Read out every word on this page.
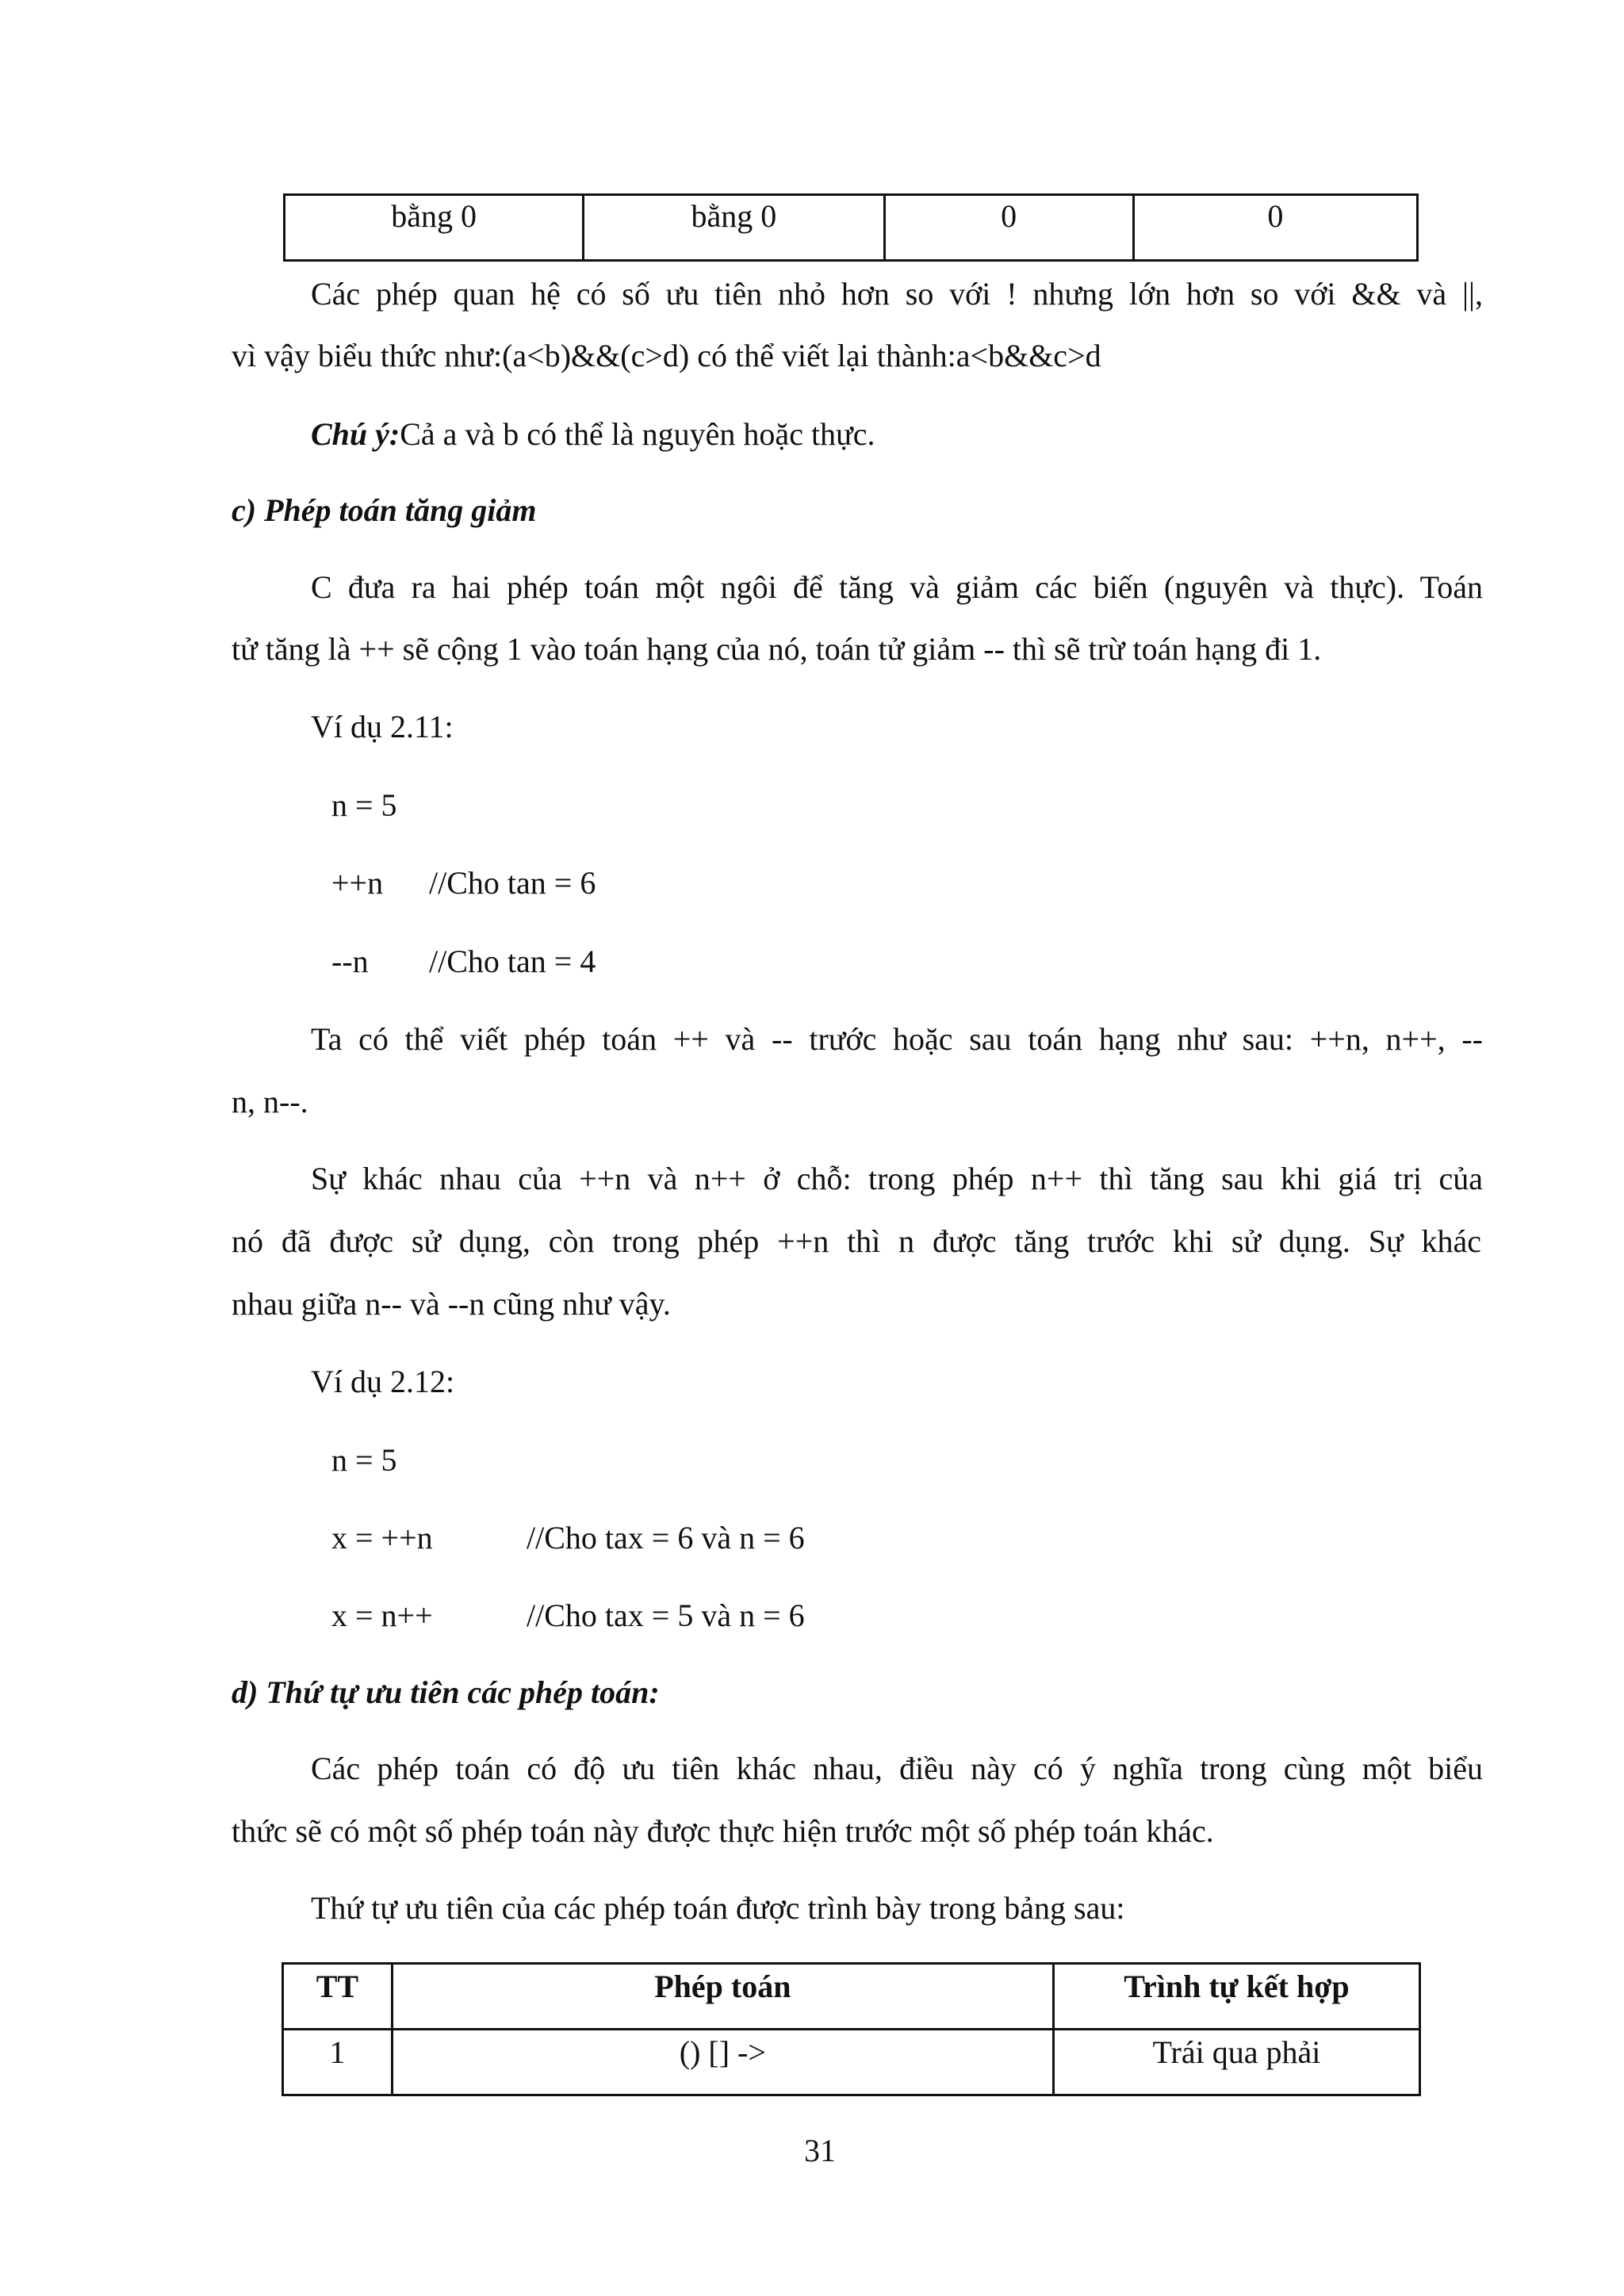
bằng 0	bằng 0	0	0
Các phép quan hệ có số ưu tiên nhỏ hơn so với ! nhưng lớn hơn so với && và ||,
vì vậy biểu thức như:(a<b)&&(c>d) có thể viết lại thành:a<b&&c>d
Chú ý:Cả a và b có thể là nguyên hoặc thực.
c) Phép toán tăng giảm
C đưa ra hai phép toán một ngôi để tăng và giảm các biến (nguyên và thực). Toán
tử tăng là ++ sẽ cộng 1 vào toán hạng của nó, toán tử giảm -- thì sẽ trừ toán hạng đi 1.
Ví dụ 2.11:
n = 5
++n //Cho tan = 6
--n //Cho tan = 4
Ta có thể viết phép toán ++ và -- trước hoặc sau toán hạng như sau: ++n, n++, --
n, n--.
Sự khác nhau của ++n và n++ ở chỗ: trong phép n++ thì tăng sau khi giá trị của
nó đã được sử dụng, còn trong phép ++n thì n được tăng trước khi sử dụng. Sự khác
nhau giữa n-- và --n cũng như vậy.
Ví dụ 2.12:
n = 5
x = ++n	//Cho tax = 6 và n = 6
x = n++	//Cho tax = 5 và n = 6
d) Thứ tự ưu tiên các phép toán:
Các phép toán có độ ưu tiên khác nhau, điều này có ý nghĩa trong cùng một biểu
thức sẽ có một số phép toán này được thực hiện trước một số phép toán khác.
Thứ tự ưu tiên của các phép toán được trình bày trong bảng sau:
TT	Phép toán	Trình tự kết hợp
1	() [] ->	Trái qua phải
31
